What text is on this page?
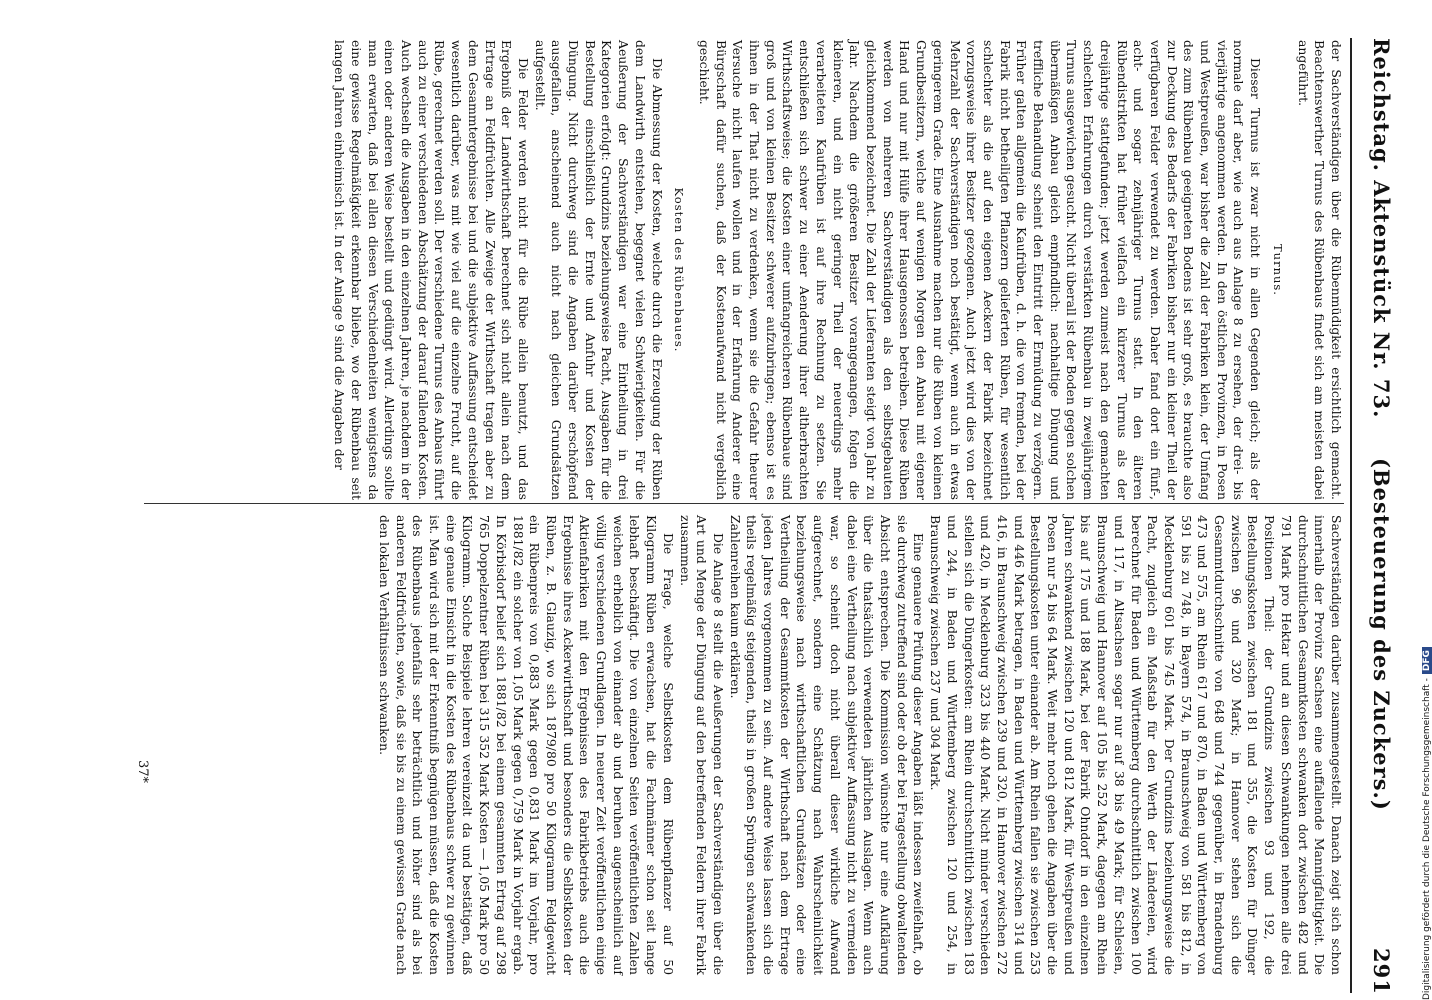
Reichstag. Aktenstück Nr. 73.
(Besteuerung des Zuckers.)
291

der Sachverständigen über die Rübenmüdigkeit ersichtlich gemacht. Beachtenswerther Turnus des Rübenbaus findet sich am meisten dabei angeführt.

Turnus.

Dieser Turnus ist zwar nicht in allen Gegenden gleich; als der normale darf aber, wie auch aus Anlage 8 zu ersehen, der drei- bis vierjährige angenommen werden. In den östlichen Provinzen, in Posen und Westpreußen, war bisher die Zahl der Fabriken klein, der Umfang des zum Rübenbau geeigneten Bodens ist sehr groß, es brauchte also zur Deckung des Bedarfs der Fabriken bisher nur ein kleiner Theil der verfügbaren Felder verwendet zu werden. Daher fand dort ein fünf-, acht- und sogar zehnjähriger Turnus statt. In den älteren Rübendistrikten hat früher vielfach ein kürzerer Turnus als der dreijährige stattgefunden; jetzt werden zumeist nach den gemachten schlechten Erfahrungen durch verstärkten Rübenbau in zweijährigem Turnus ausgewichen gesucht. Nicht überall ist der Boden gegen solchen übermäßigen Anbau gleich empfindlich: nachhaltige Düngung und treffliche Behandlung scheint den Eintritt der Ermüdung zu verzögern. Früher galten allgemein die Kaufrüben, d. h. die von fremden, bei der Fabrik nicht betheiligten Pflanzern gelieferten Rüben, für wesentlich schlechter als die auf den eigenen Aeckern der Fabrik bezeichnet vorzugsweise ihrer Besitzer gezogenen. Auch jetzt wird dies von der Mehrzahl der Sachverständigen noch bestätigt, wenn auch in etwas geringerem Grade. Eine Ausnahme machen nur die Rüben von kleinen Grundbesitzern, welche auf wenigen Morgen den Anbau mit eigener Hand und nur mit Hülfe ihrer Hausgenossen betreiben. Diese Rüben werden von mehreren Sachverständigen als den selbstgebauten gleichkommend bezeichnet. Die Zahl der Lieferanten steigt von Jahr zu Jahr. Nachdem die größeren Besitzer vorangegangen, folgen die kleineren, und ein nicht geringer Theil der neuerdings mehr verarbeiteten Kaufrüben ist auf ihre Rechnung zu setzen. Sie entschließen sich schwer zu einer Aenderung ihrer altherbrachten Wirthschaftsweise; die Kosten einer umfangreicheren Rübenbaue sind groß und von kleinen Besitzer schwerer aufzubringen; ebenso ist es ihnen in der That nicht zu verdenken, wenn sie die Gefahr theurer Versuche nicht laufen wollen und in der Erfahrung Anderer eine Bürgschaft dafür suchen, daß der Kostenaufwand nicht vergeblich geschieht.

Kosten des Rübenbaues.

Die Abmessung der Kosten, welche durch die Erzeugung der Rüben dem Landwirth entstehen, begegnet vielen Schwierigkeiten. Für die Aeußerung der Sachverständigen war eine Eintheilung in drei Kategorien erfolgt: Grundzins beziehungsweise Pacht, Ausgaben für die Bestellung einschließlich der Ernte und Anfuhr und Kosten der Düngung. Nicht durchweg sind die Angaben darüber erschöpfend ausgefallen, anscheinend auch nicht nach gleichen Grundsätzen aufgestellt.

Die Felder werden nicht für die Rübe allein benutzt, und das Ergebniß der Landwirthschaft berechnet sich nicht allein nach dem Ertrage an Feldfrüchten. Alle Zweige der Wirthschaft tragen aber zu dem Gesammtergebnisse bei und die subjektive Auffassung entscheidet wesentlich darüber, was mit wie viel auf die einzelne Frucht, auf die Rübe, gerechnet werden soll. Der verschiedene Turnus des Anbaus führt auch zu einer verschiedenen Abschätzung der darauf fallenden Kosten. Auch wechseln die Ausgaben in den einzelnen Jahren, je nachdem in der einen oder anderen Weise bestellt und gedüngt wird. Allerdings sollte man erwarten, daß bei allen diesen Verschiedenheiten wenigstens da eine gewisse Regelmäßigkeit erkennbar bliebe, wo der Rübenbau seit langen Jahren einheimisch ist. In der Anlage 9 sind die Angaben der

Sachverständigen darüber zusammengestellt. Danach zeigt sich schon innerhalb der Provinz Sachsen eine auffallende Mannigfaltigkeit. Die durchschnittlichen Gesammtkosten schwanken dort zwischen 482 und 791 Mark pro Hektar und an diesen Schwankungen nehmen alle drei Positionen Theil: der Grundzins zwischen 93 und 192, die Bestellungskosten zwischen 181 und 355, die Kosten für Dünger zwischen 96 und 320 Mark; in Hannover stehen sich die Gesammtdurchschnitte von 648 und 744 gegenüber, in Brandenburg 473 und 575, am Rhein 617 und 870, in Baden und Württemberg von 591 bis zu 748, in Bayern 574, in Braunschweig von 581 bis 812, in Mecklenburg 601 bis 745 Mark. Der Grundzins beziehungsweise die Pacht, zugleich ein Maßstab für den Werth der Ländereien, wird berechnet für Baden und Württemberg durchschnittlich zwischen 100 und 117, in Altsachsen sogar nur auf 38 bis 49 Mark; für Schlesien, Braunschweig und Hannover auf 105 bis 252 Mark, dagegen am Rhein bis auf 175 und 188 Mark, bei der Fabrik Ohndorf in den einzelnen Jahren schwankend zwischen 120 und 812 Mark, für Westpreußen und Posen nur 54 bis 64 Mark. Weit mehr noch gehen die Angaben über die Bestellungskosten unter einander ab. Am Rhein fallen sie zwischen 253 und 446 Mark betragen, in Baden und Württemberg zwischen 314 und 416, in Braunschweig zwischen 239 und 320, in Hannover zwischen 272 und 420, in Mecklenburg 323 bis 440 Mark. Nicht minder verschieden stellen sich die Düngerkosten: am Rhein durchschnittlich zwischen 183 und 244, in Baden und Württemberg zwischen 120 und 254, in Braunschweig zwischen 237 und 304 Mark.

Eine genauere Prüfung dieser Angaben läßt indessen zweifelhaft, ob sie durchweg zutreffend sind oder ob der bei Fragestellung obwaltenden Absicht entsprechen. Die Kommission wünschte nur eine Aufklärung über die thatsächlich verwendeten jährlichen Auslagen. Wenn auch dabei eine Vertheilung nach subjektiver Auffassung nicht zu vermeiden war, so scheint doch nicht überall dieser wirkliche Aufwand aufgerechnet, sondern eine Schätzung nach Wahrscheinlichkeit beziehungsweise nach wirthschaftlichen Grundsätzen oder eine Vertheilung der Gesammtkosten der Wirthschaft nach dem Ertrage jeden Jahres vorgenommen zu sein. Auf andere Weise lassen sich die theils regelmäßig steigenden, theils in großen Sprüngen schwankenden Zahlenreihen kaum erklären.

Die Anlage 8 stellt die Aeußerungen der Sachverständigen über die Art und Menge der Düngung auf den betreffenden Feldern ihrer Fabrik zusammen.

Die Frage, welche Selbstkosten dem Rübenpflanzer auf 50 Kilogramm Rüben erwachsen, hat die Fachmänner schon seit lange lebhaft beschäftigt. Die von einzelnen Seiten veröffentlichten Zahlen weichen erheblich von einander ab und beruhen augenscheinlich auf völlig verschiedenen Grundlagen. In neuerer Zeit veröffentlichen einige Aktienfabriken mit den Ergebnissen des Fabrikbetriebs auch die Ergebnisse ihres Ackerwirthschaft und besonders die Selbstkosten der Rüben, z. B. Glauzig, wo sich 1879/80 pro 50 Kilogramm Feldgewicht ein Rübenpreis von 0,883 Mark gegen 0,831 Mark im Vorjahr, pro 1881/82 ein solcher von 1,05 Mark gegen 0,759 Mark in Vorjahr ergab. In Körbisdorf belief sich 1881/82 bei einem gesammten Ertrag auf 298 765 Doppelzentner Rüben bei 315 352 Mark Kosten — 1,05 Mark pro 50 Kilogramm. Solche Beispiele lehren vereinzelt da und bestätigen, daß eine genaue Einsicht in die Kosten des Rübenbaus schwer zu gewinnen ist. Man wird sich mit der Erkenntniß begnügen müssen, daß die Kosten des Rübenbaus jedenfalls sehr beträchtlich und höher sind als bei anderen Feldfrüchten, sowie, daß sie bis zu einem gewissen Grade nach den lokalen Verhältnissen schwanken.

37*	Digitalisierung gefördert durch die Deutsche Forschungsgemeinschaft -DFG
